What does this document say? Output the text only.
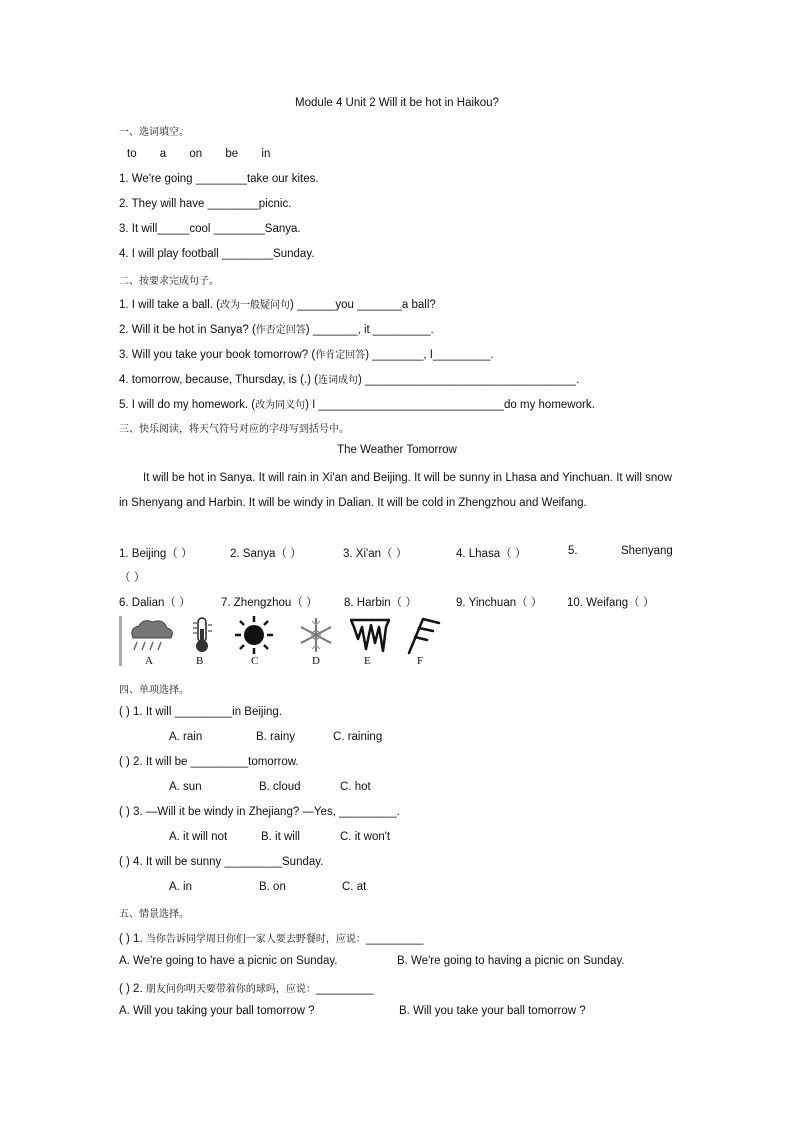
Module 4 Unit 2 Will it be hot in Haikou?
一、选词填空。
to a on be in
1. We're going ________take our kites.
2. They will have ________picnic.
3. It will_____cool ________Sanya.
4. I will play football ________Sunday.
二、按要求完成句子。
1. I will take a ball. (改为一般疑问句) ______you _______a ball?
2. Will it be hot in Sanya? (作否定回答) _______, it _________.
3. Will you take your book tomorrow? (作肯定回答) ________, I_________.
4. tomorrow, because, Thursday, is (.) (连词成句) _________________________________.
5. I will do my homework. (改为同义句) I _____________________________do my homework.
三、快乐阅读，将天气符号对应的字母写到括号中。
The Weather Tomorrow
It will be hot in Sanya. It will rain in Xi'an and Beijing. It will be sunny in Lhasa and Yinchuan. It will snow in Shenyang and Harbin. It will be windy in Dalian. It will be cold in Zhengzhou and Weifang.
1. Beijing（ ）	2. Sanya（ ）	3. Xi'an（ ）	4. Lhasa（ ）	5.	Shenyang
（ ）
6. Dalian（ ）	7. Zhengzhou（ ） 8. Harbin（ ）	9. Yinchuan（ ） 10. Weifang（ ）
A	B	C	D	E	F
四、单项选择。
( ) 1. It will _________in Beijing.
A. rain	B. rainy	C. raining
( ) 2. It will be _________tomorrow.
A. sun	B. cloud	C. hot
( ) 3. —Will it be windy in Zhejiang? —Yes, _________.
A. it will not	B. it will	C. it won't
( ) 4. It will be sunny _________Sunday.
A. in	B. on	C. at
五、情景选择。
( ) 1. 当你告诉同学周日你们一家人要去野餐时，应说：_________
A. We're going to have a picnic on Sunday.	B. We're going to having a picnic on Sunday.
( ) 2. 朋友问你明天要带着你的球吗，应说：_________
A. Will you taking your ball tomorrow ?	B. Will you take your ball tomorrow ?
